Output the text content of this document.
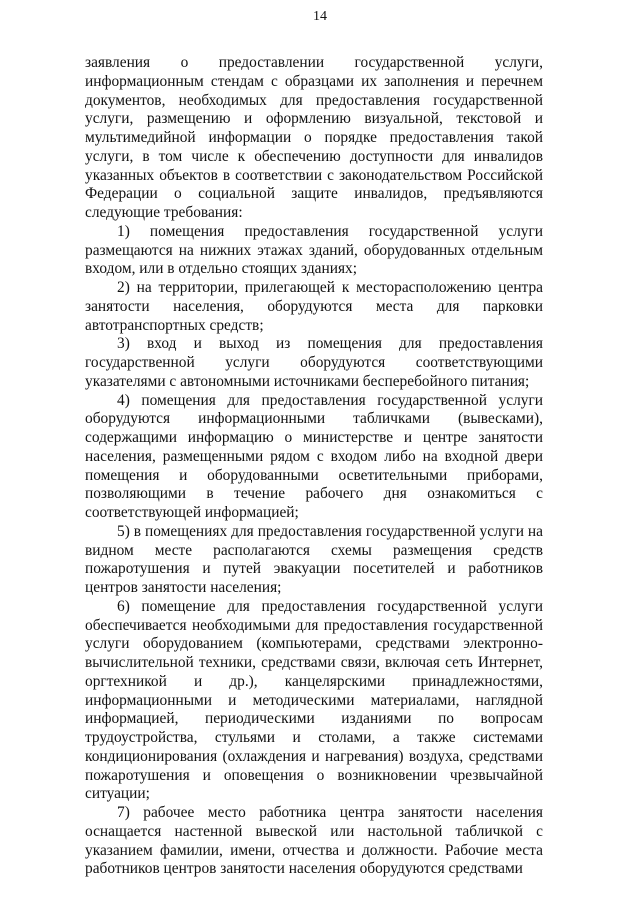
14

заявления о предоставлении государственной услуги, информационным стендам с образцами их заполнения и перечнем документов, необходимых для предоставления государственной услуги, размещению и оформлению визуальной, текстовой и мультимедийной информации о порядке предоставления такой услуги, в том числе к обеспечению доступности для инвалидов указанных объектов в соответствии с законодательством Российской Федерации о социальной защите инвалидов, предъявляются следующие требования:

1) помещения предоставления государственной услуги размещаются на нижних этажах зданий, оборудованных отдельным входом, или в отдельно стоящих зданиях;

2) на территории, прилегающей к месторасположению центра занятости населения, оборудуются места для парковки автотранспортных средств;

3) вход и выход из помещения для предоставления государственной услуги оборудуются соответствующими указателями с автономными источниками бесперебойного питания;

4) помещения для предоставления государственной услуги оборудуются информационными табличками (вывесками), содержащими информацию о министерстве и центре занятости населения, размещенными рядом с входом либо на входной двери помещения и оборудованными осветительными приборами, позволяющими в течение рабочего дня ознакомиться с соответствующей информацией;

5) в помещениях для предоставления государственной услуги на видном месте располагаются схемы размещения средств пожаротушения и путей эвакуации посетителей и работников центров занятости населения;

6) помещение для предоставления государственной услуги обеспечивается необходимыми для предоставления государственной услуги оборудованием (компьютерами, средствами электронно-вычислительной техники, средствами связи, включая сеть Интернет, оргтехникой и др.), канцелярскими принадлежностями, информационными и методическими материалами, наглядной информацией, периодическими изданиями по вопросам трудоустройства, стульями и столами, а также системами кондиционирования (охлаждения и нагревания) воздуха, средствами пожаротушения и оповещения о возникновении чрезвычайной ситуации;

7) рабочее место работника центра занятости населения оснащается настенной вывеской или настольной табличкой с указанием фамилии, имени, отчества и должности. Рабочие места работников центров занятости населения оборудуются средствами
